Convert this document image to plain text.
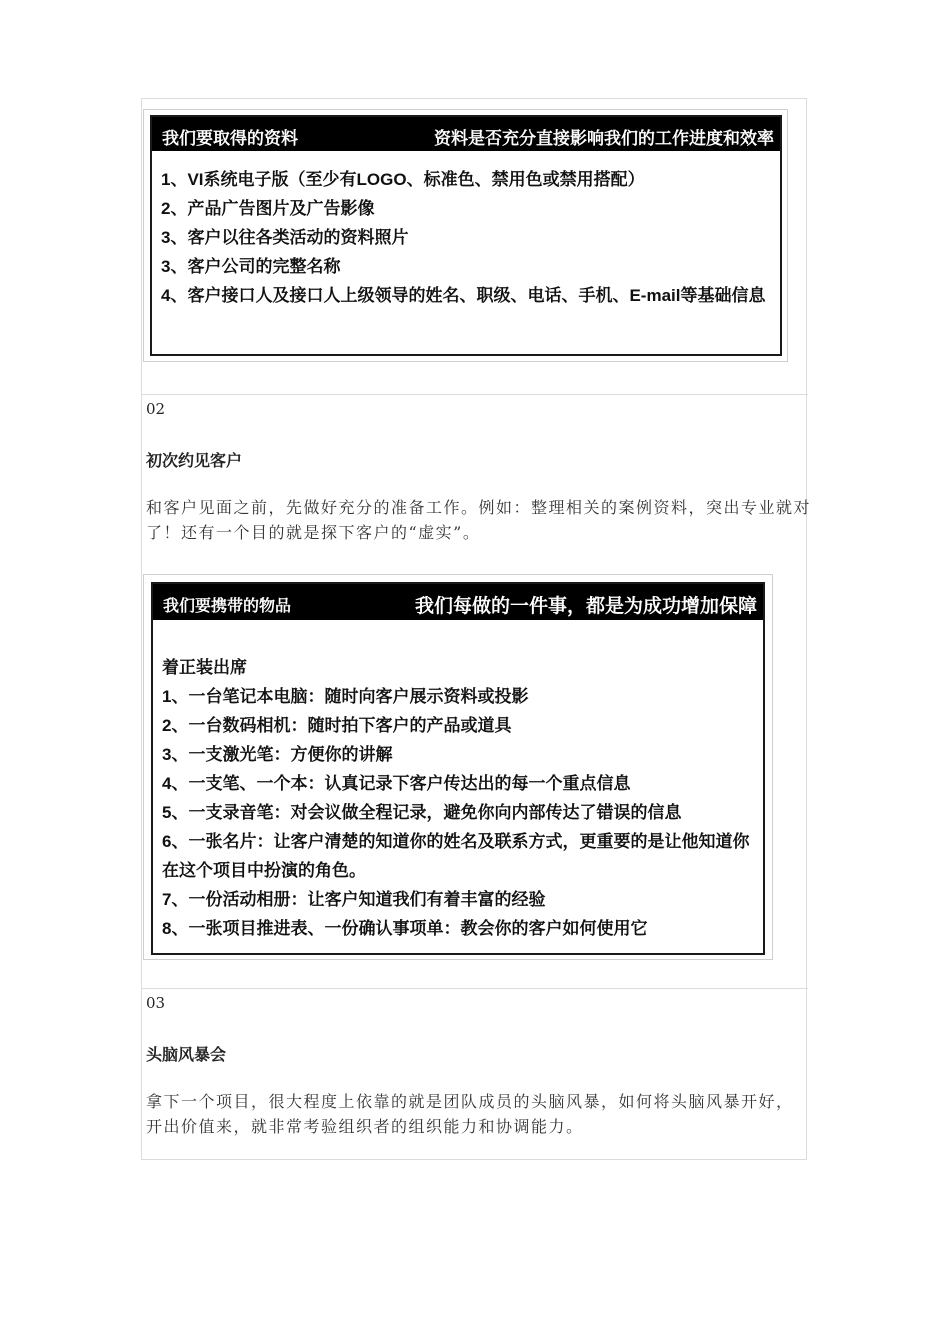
我们要取得的资料	资料是否充分直接影响我们的工作进度和效率
1、VI系统电子版（至少有LOGO、标准色、禁用色或禁用搭配）
2、产品广告图片及广告影像
3、客户以往各类活动的资料照片
3、客户公司的完整名称
4、客户接口人及接口人上级领导的姓名、职级、电话、手机、E-mail等基础信息
02
初次约见客户
和客户见面之前，先做好充分的准备工作。例如：整理相关的案例资料，突出专业就对了！还有一个目的就是探下客户的“虚实”。
我们要携带的物品	我们每做的一件事，都是为成功增加保障
着正装出席
1、一台笔记本电脑：随时向客户展示资料或投影
2、一台数码相机：随时拍下客户的产品或道具
3、一支激光笔：方便你的讲解
4、一支笔、一个本：认真记录下客户传达出的每一个重点信息
5、一支录音笔：对会议做全程记录，避免你向内部传达了错误的信息
6、一张名片：让客户清楚的知道你的姓名及联系方式，更重要的是让他知道你在这个项目中扮演的角色。
7、一份活动相册：让客户知道我们有着丰富的经验
8、一张项目推进表、一份确认事项单：教会你的客户如何使用它
03
头脑风暴会
拿下一个项目，很大程度上依靠的就是团队成员的头脑风暴，如何将头脑风暴开好，开出价值来，就非常考验组织者的组织能力和协调能力。
